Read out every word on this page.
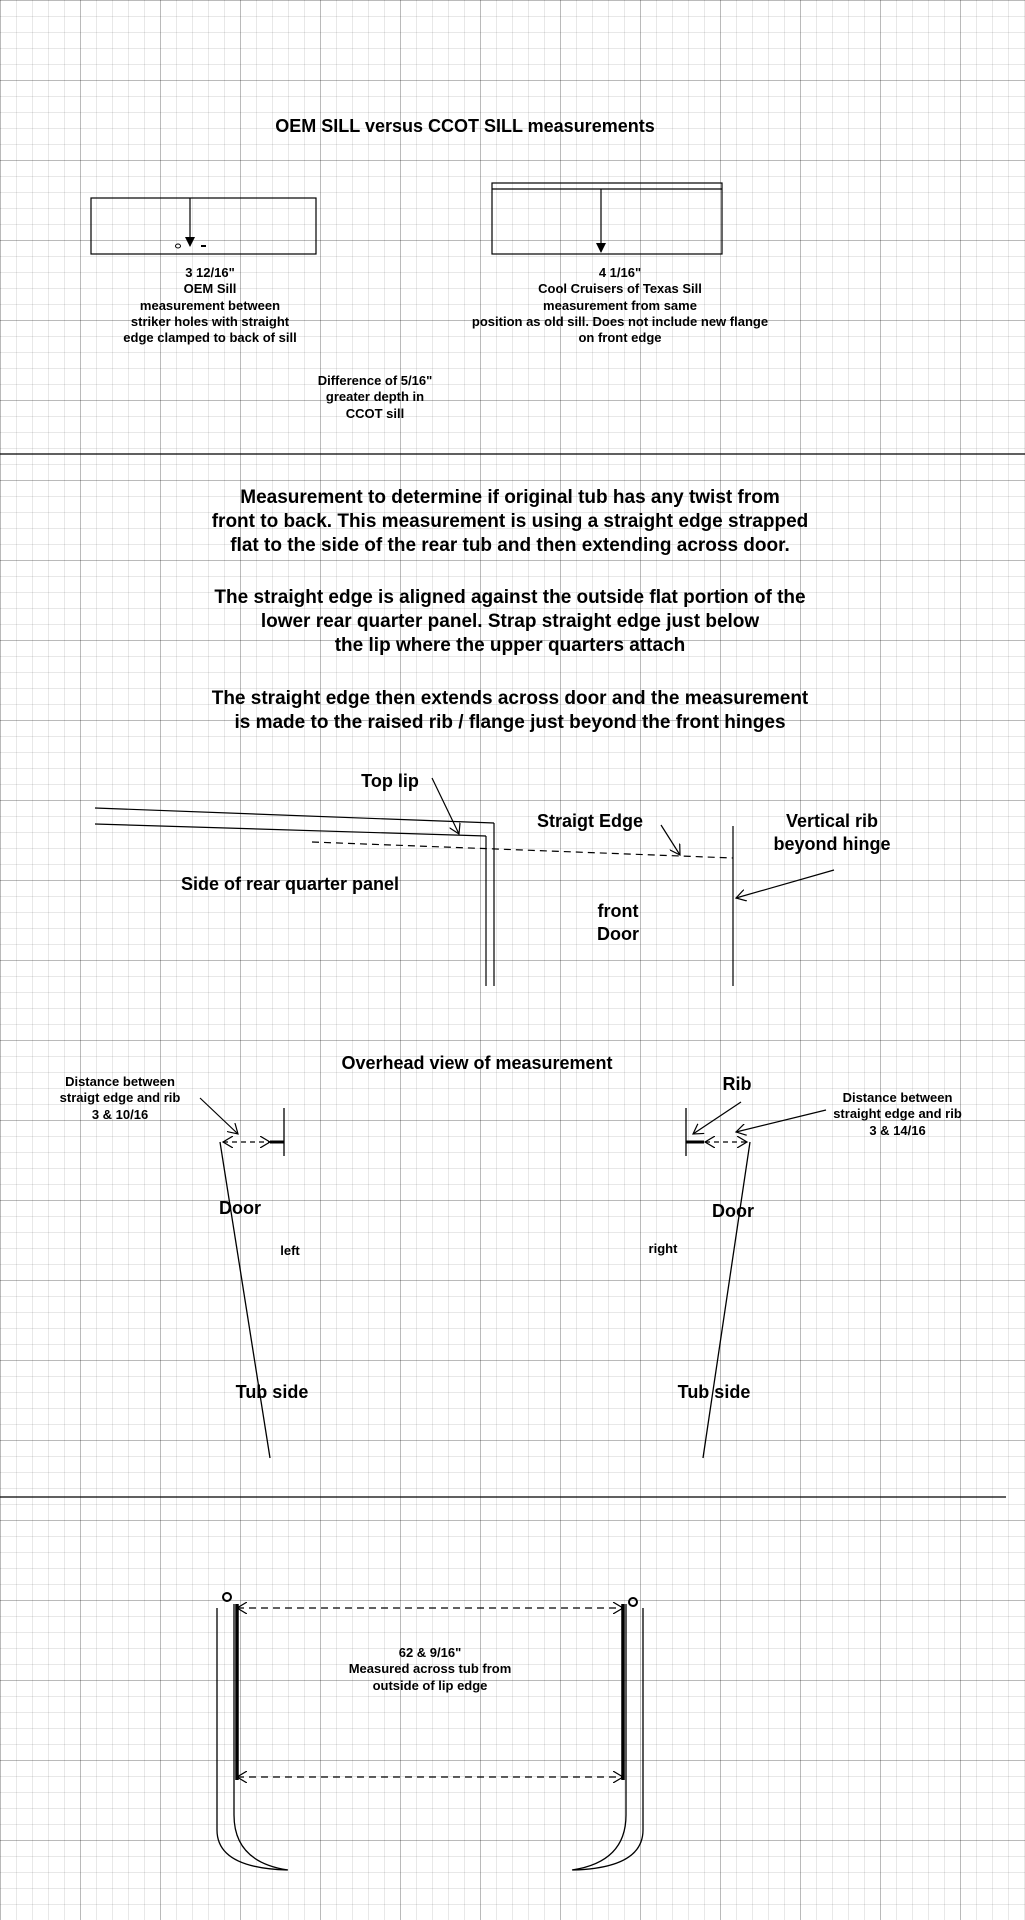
OEM SILL versus CCOT SILL measurements
3 12/16"
OEM Sill
measurement between
striker holes with straight
edge clamped to back of sill
4 1/16"
Cool Cruisers of Texas Sill
measurement from same
position as old sill. Does not include new flange
on front edge
Difference of 5/16"
greater depth in
CCOT sill
Measurement to determine if original tub has any twist from
front to back. This measurement is using a straight edge strapped
flat to the side of the rear tub and then extending across door.
The straight edge is aligned against the outside flat portion of the
lower rear quarter panel. Strap straight edge just below
the lip where the upper quarters attach
The straight edge then extends across door and the measurement
is made to the raised rib / flange just beyond the front hinges
Top lip
Straigt Edge	Vertical rib
beyond hinge
Side of rear quarter panel
front
Door
Overhead view of measurement
Distance between
straigt edge and rib
3 & 10/16
Rib
Distance between
straight edge and rib
3 & 14/16
Door	Door
left	right
Tub side	Tub side
62 & 9/16"
Measured across tub from
outside of lip edge
